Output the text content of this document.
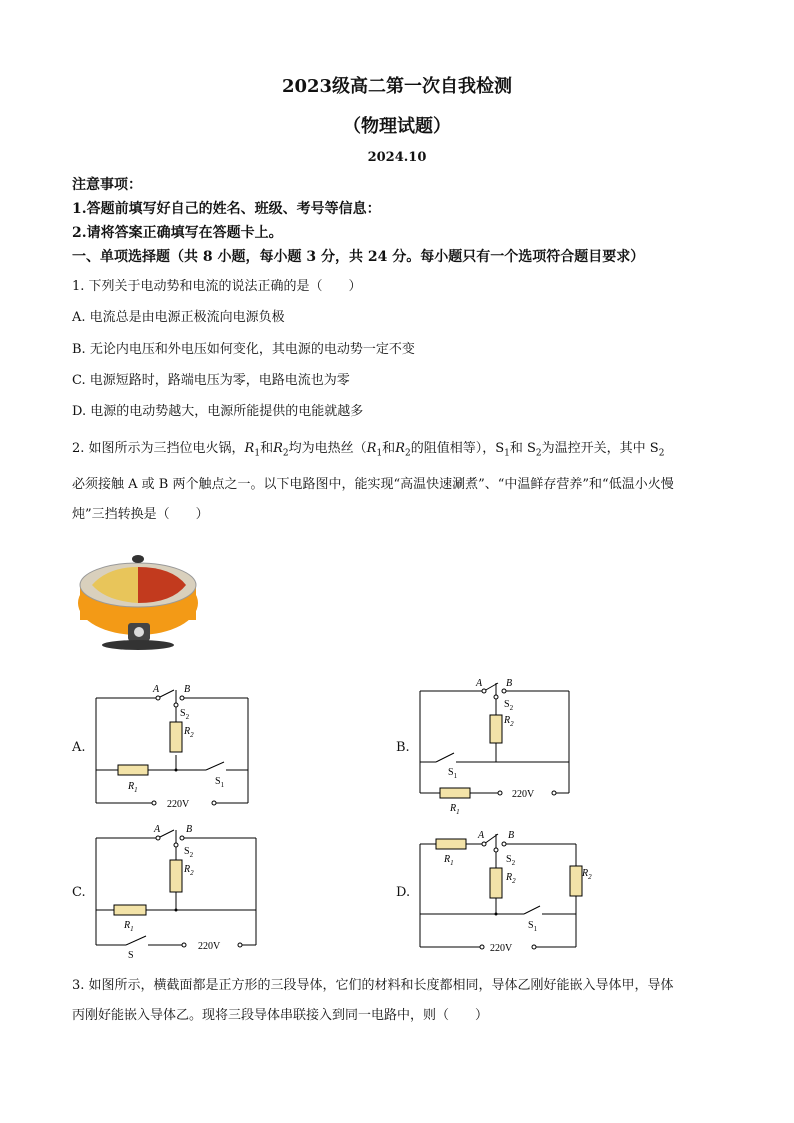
2023级高二第一次自我检测
（物理试题）
2024.10
注意事项：
1.答题前填写好自己的姓名、班级、考号等信息：
2.请将答案正确填写在答题卡上。
一、单项选择题（共 8 小题，每小题 3 分，共 24 分。每小题只有一个选项符合题目要求）
1. 下列关于电动势和电流的说法正确的是（　　）
A. 电流总是由电源正极流向电源负极
B. 无论内电压和外电压如何变化，其电源的电动势一定不变
C. 电源短路时，路端电压为零，电路电流也为零
D. 电源的电动势越大，电源所能提供的电能就越多
2. 如图所示为三挡位电火锅，$R_1$和$R_2$均为电热丝（$R_1$和$R_2$的阻值相等），$S_1$和 $S_2$为温控开关，其中 $S_2$
必须接触 A 或 B 两个触点之一。以下电路图中，能实现“高温快速涮煮”、“中温鲜存营养”和“低温小火慢
炖”三挡转换是（　　）
A.	B.
C.	D.
A B
$S_2$
$R_2$
$R_1$
$S_1$
220V
A B
$S_2$
$R_2$
$S_1$
$R_1$
220V
A	B
$S_2$
$R_2$
$R_1$
S
220V
A B
$R_1$	$S_2$
$R_2$
$R_2$
$S_1$
220V
3. 如图所示，横截面都是正方形的三段导体，它们的材料和长度都相同，导体乙刚好能嵌入导体甲，导体
丙刚好能嵌入导体乙。现将三段导体串联接入到同一电路中，则（　　）
